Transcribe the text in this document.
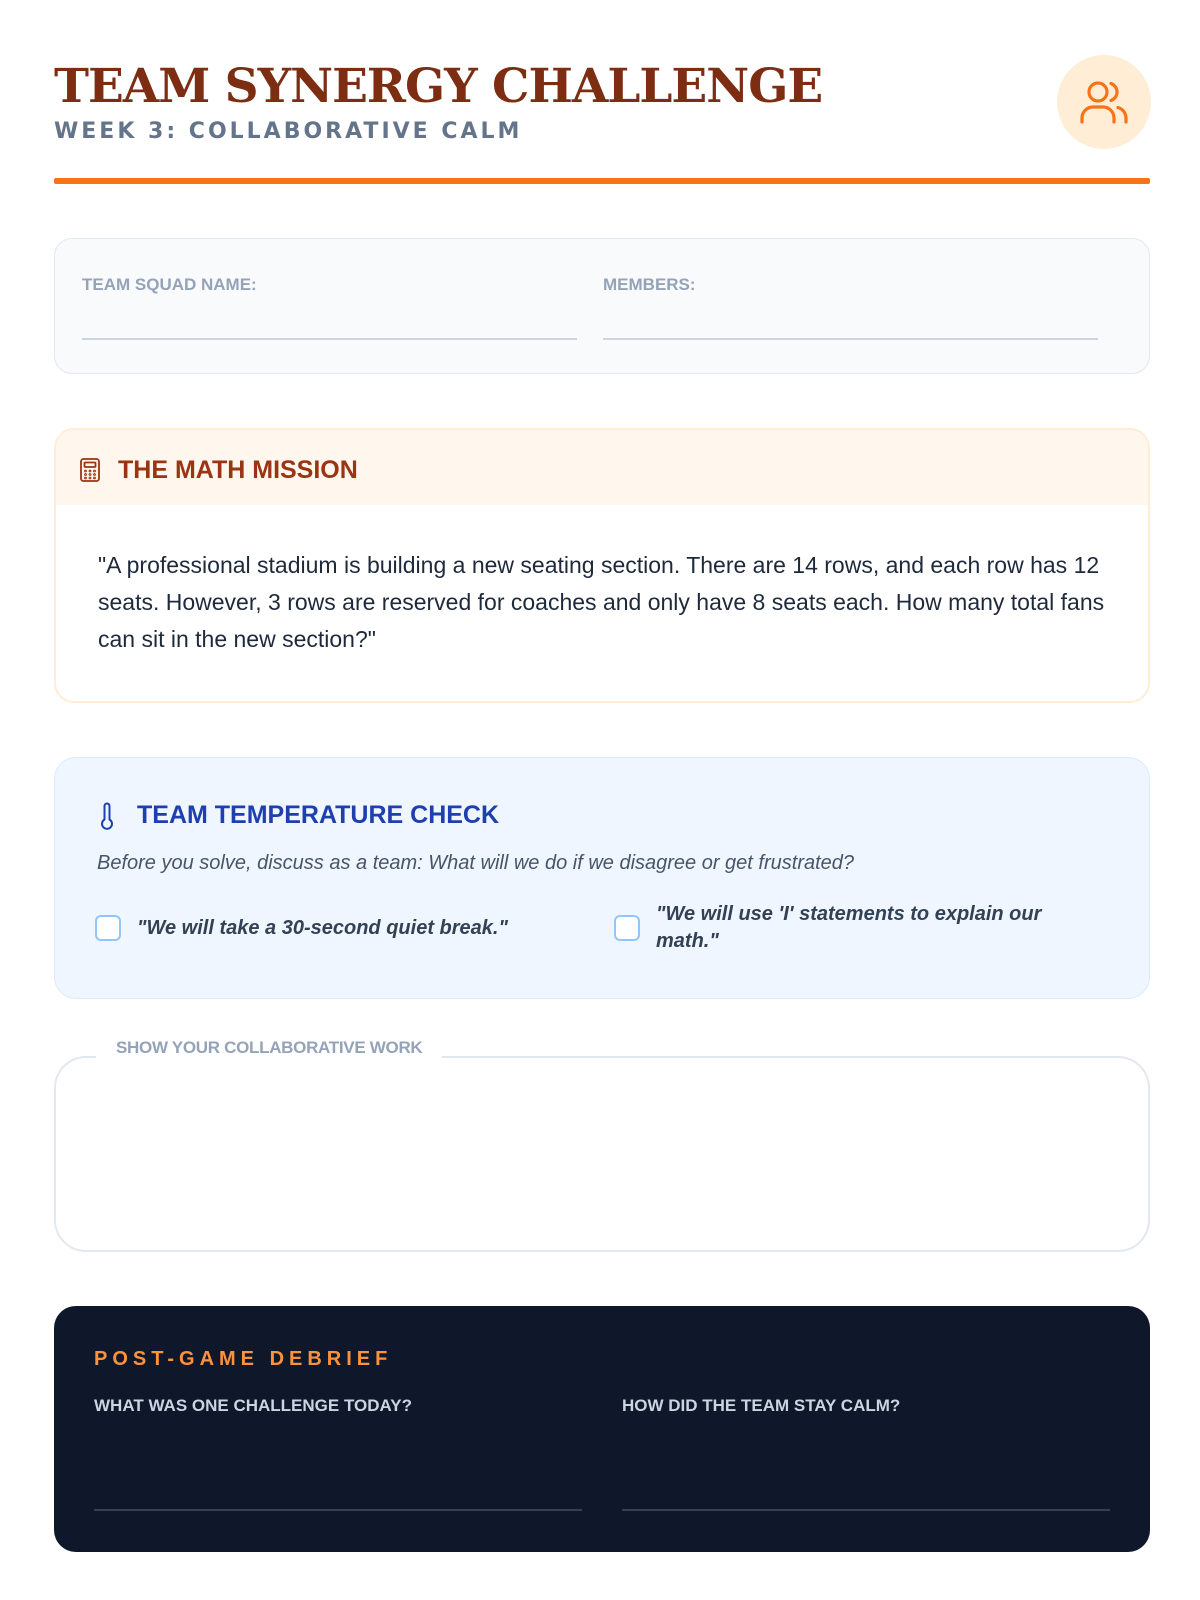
TEAM SYNERGY CHALLENGE
WEEK 3: COLLABORATIVE CALM
TEAM SQUAD NAME:	MEMBERS:
THE MATH MISSION
"A professional stadium is building a new seating section. There are 14 rows, and each row has 12 seats. However, 3 rows are reserved for coaches and only have 8 seats each. How many total fans can sit in the new section?"
TEAM TEMPERATURE CHECK
Before you solve, discuss as a team: What will we do if we disagree or get frustrated?
"We will take a 30-second quiet break."
"We will use 'I' statements to explain our math."
SHOW YOUR COLLABORATIVE WORK
POST-GAME DEBRIEF
WHAT WAS ONE CHALLENGE TODAY?	HOW DID THE TEAM STAY CALM?
